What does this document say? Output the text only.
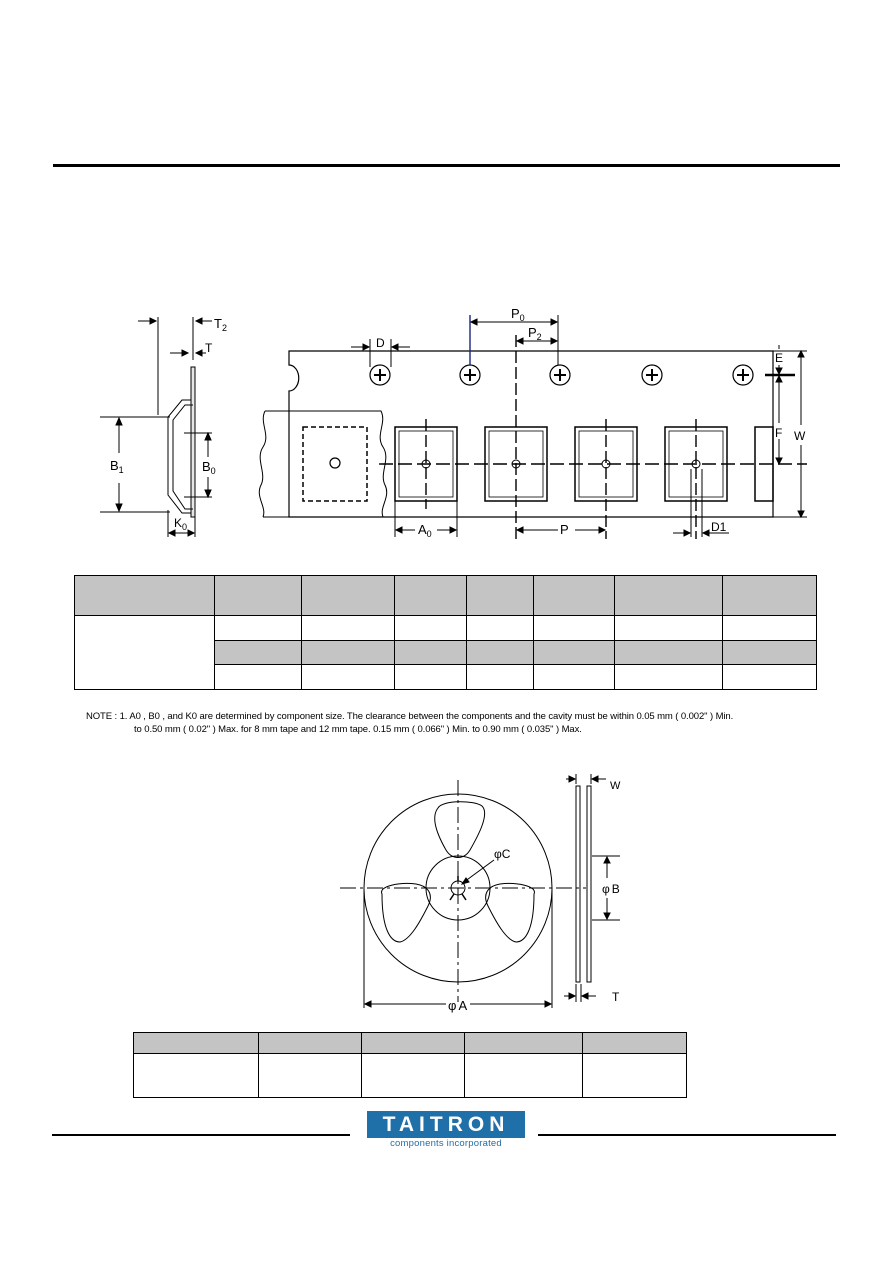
$T_2$
T
$B_1$	$B_0$
$K_0$
$P_0$
$P_2$
D
E
F W
$A_0$	P	D1

NOTE : 1. A0 , B0 , and K0 are determined by component size. The clearance between the components and the cavity must be within 0.05 mm ( 0.002" ) Min.
to 0.50 mm ( 0.02" ) Max. for 8 mm tape and 12 mm tape. 0.15 mm ( 0.066" ) Min. to 0.90 mm ( 0.035" ) Max.
φC
φ B
φ A
W
T

TAITRON
components incorporated
